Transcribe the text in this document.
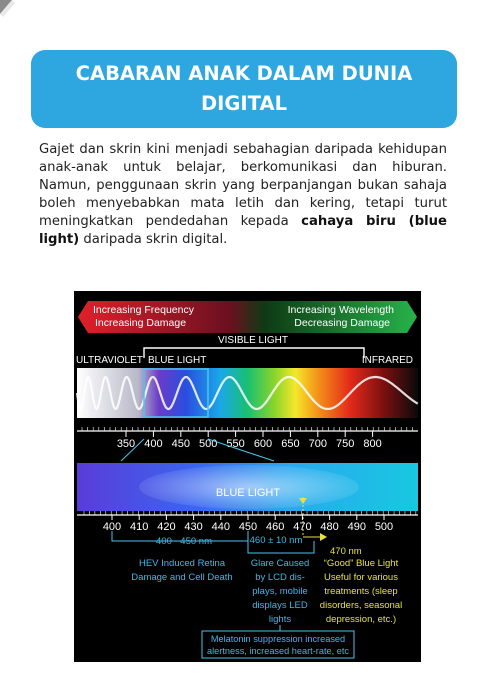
CABARAN ANAK DALAM DUNIA DIGITAL

Gajet dan skrin kini menjadi sebahagian daripada kehidupan anak-anak untuk belajar, berkomunikasi dan hiburan. Namun, penggunaan skrin yang berpanjangan bukan sahaja boleh menyebabkan mata letih dan kering, tetapi turut meningkatkan pendedahan kepada cahaya biru (blue light) daripada skrin digital.

Increasing Frequency
Increasing Damage
Increasing Wavelength
Decreasing Damage
VISIBLE LIGHT
ULTRAVIOLET BLUE LIGHT	INFRARED
350 400 450 500 550 600 650 700 750 800
BLUE LIGHT
400 410 420 430 440 450 460 470 480 490 500
400 - 450 nm	460 ± 10 nm
470 nm
HEV Induced Retina
Damage and Cell Death
Glare Caused
by LCD dis-
plays, mobile
displays LED
lights
“Good” Blue Light
Useful for various
treatments (sleep
disorders, seasonal
depression, etc.)
Melatonin suppression increased
alertness, increased heart-rate, etc
